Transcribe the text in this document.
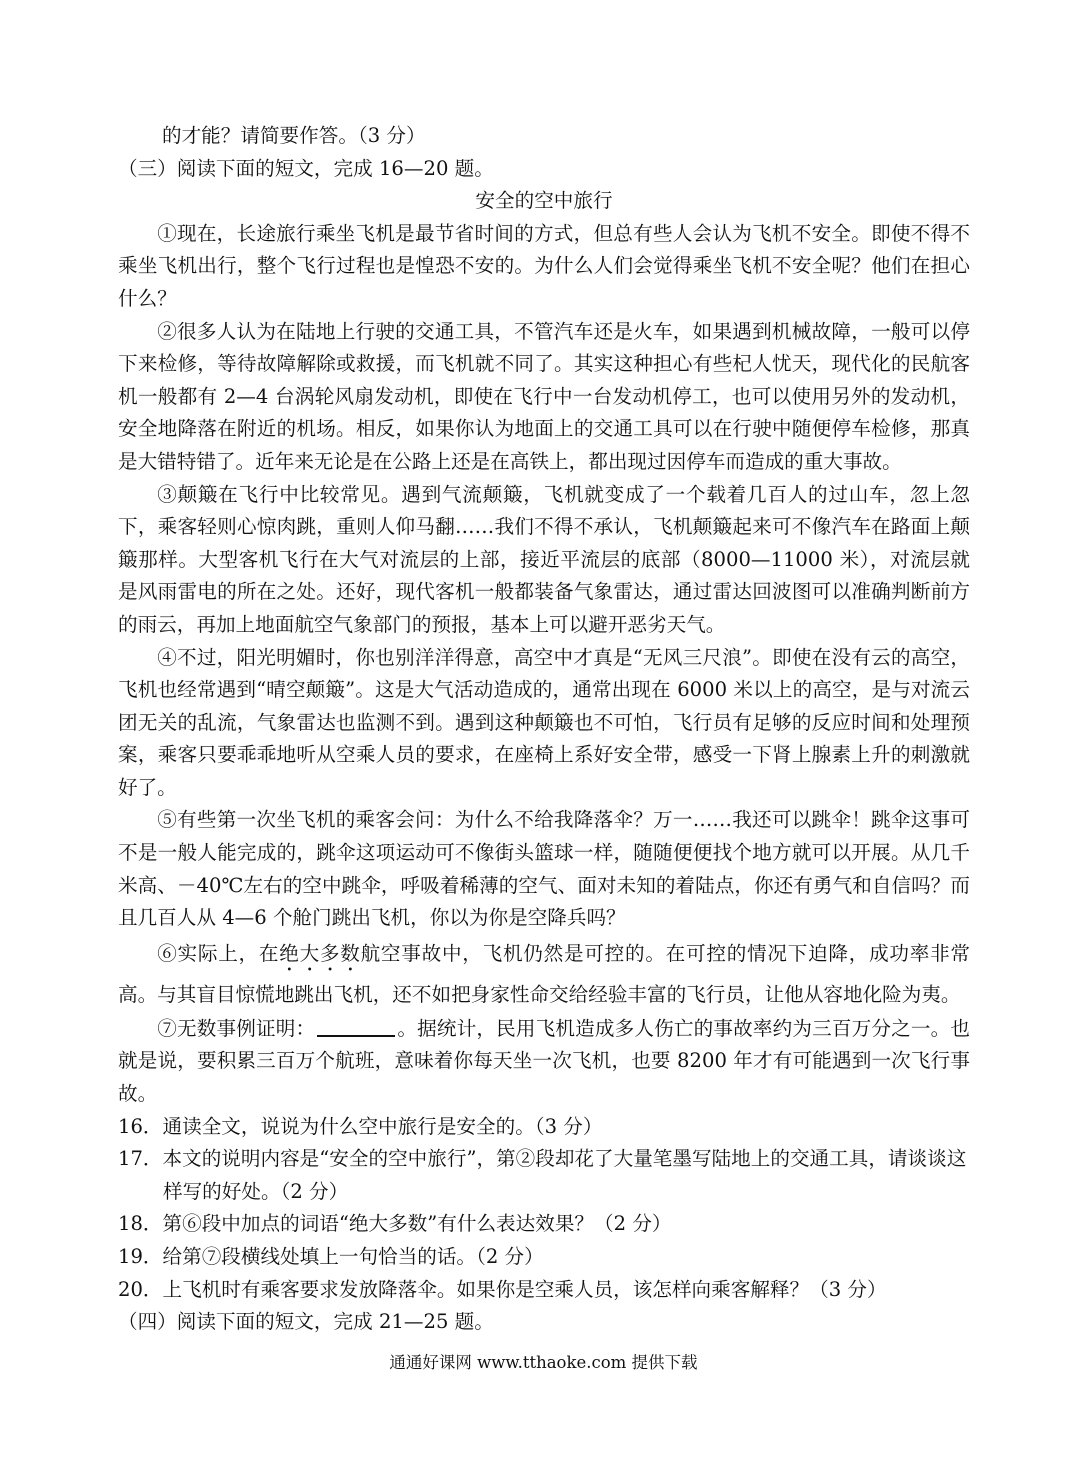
的才能？请简要作答。（3 分）

（三）阅读下面的短文，完成 16—20 题。

安全的空中旅行

①现在，长途旅行乘坐飞机是最节省时间的方式，但总有些人会认为飞机不安全。即使不得不乘坐飞机出行，整个飞行过程也是惶恐不安的。为什么人们会觉得乘坐飞机不安全呢？他们在担心什么？

②很多人认为在陆地上行驶的交通工具，不管汽车还是火车，如果遇到机械故障，一般可以停下来检修，等待故障解除或救援，而飞机就不同了。其实这种担心有些杞人忧天，现代化的民航客机一般都有 2—4 台涡轮风扇发动机，即使在飞行中一台发动机停工，也可以使用另外的发动机，安全地降落在附近的机场。相反，如果你认为地面上的交通工具可以在行驶中随便停车检修，那真是大错特错了。近年来无论是在公路上还是在高铁上，都出现过因停车而造成的重大事故。

③颠簸在飞行中比较常见。遇到气流颠簸，飞机就变成了一个载着几百人的过山车，忽上忽下，乘客轻则心惊肉跳，重则人仰马翻……我们不得不承认，飞机颠簸起来可不像汽车在路面上颠簸那样。大型客机飞行在大气对流层的上部，接近平流层的底部（8000—11000 米），对流层就是风雨雷电的所在之处。还好，现代客机一般都装备气象雷达，通过雷达回波图可以准确判断前方的雨云，再加上地面航空气象部门的预报，基本上可以避开恶劣天气。

④不过，阳光明媚时，你也别洋洋得意，高空中才真是“无风三尺浪”。即使在没有云的高空，飞机也经常遇到“晴空颠簸”。这是大气活动造成的，通常出现在 6000 米以上的高空，是与对流云团无关的乱流，气象雷达也监测不到。遇到这种颠簸也不可怕，飞行员有足够的反应时间和处理预案，乘客只要乖乖地听从空乘人员的要求，在座椅上系好安全带，感受一下肾上腺素上升的刺激就好了。

⑤有些第一次坐飞机的乘客会问：为什么不给我降落伞？万一……我还可以跳伞！跳伞这事可不是一般人能完成的，跳伞这项运动可不像街头篮球一样，随随便便找个地方就可以开展。从几千米高、－40℃左右的空中跳伞，呼吸着稀薄的空气、面对未知的着陆点，你还有勇气和自信吗？而且几百人从 4—6 个舱门跳出飞机，你以为你是空降兵吗？

⑥实际上，在绝大多数航空事故中，飞机仍然是可控的。在可控的情况下迫降，成功率非常高。与其盲目惊慌地跳出飞机，还不如把身家性命交给经验丰富的飞行员，让他从容地化险为夷。

⑦无数事例证明：	。据统计，民用飞机造成多人伤亡的事故率约为三百万分之一。也就是说，要积累三百万个航班，意味着你每天坐一次飞机，也要 8200 年才有可能遇到一次飞行事故。

16．通读全文，说说为什么空中旅行是安全的。（3 分）

17．本文的说明内容是“安全的空中旅行”，第②段却花了大量笔墨写陆地上的交通工具，请谈谈这样写的好处。（2 分）

18．第⑥段中加点的词语“绝大多数”有什么表达效果？（2 分）

19．给第⑦段横线处填上一句恰当的话。（2 分）

20．上飞机时有乘客要求发放降落伞。如果你是空乘人员，该怎样向乘客解释？（3 分）

（四）阅读下面的短文，完成 21—25 题。

通通好课网 www.tthaoke.com 提供下载
